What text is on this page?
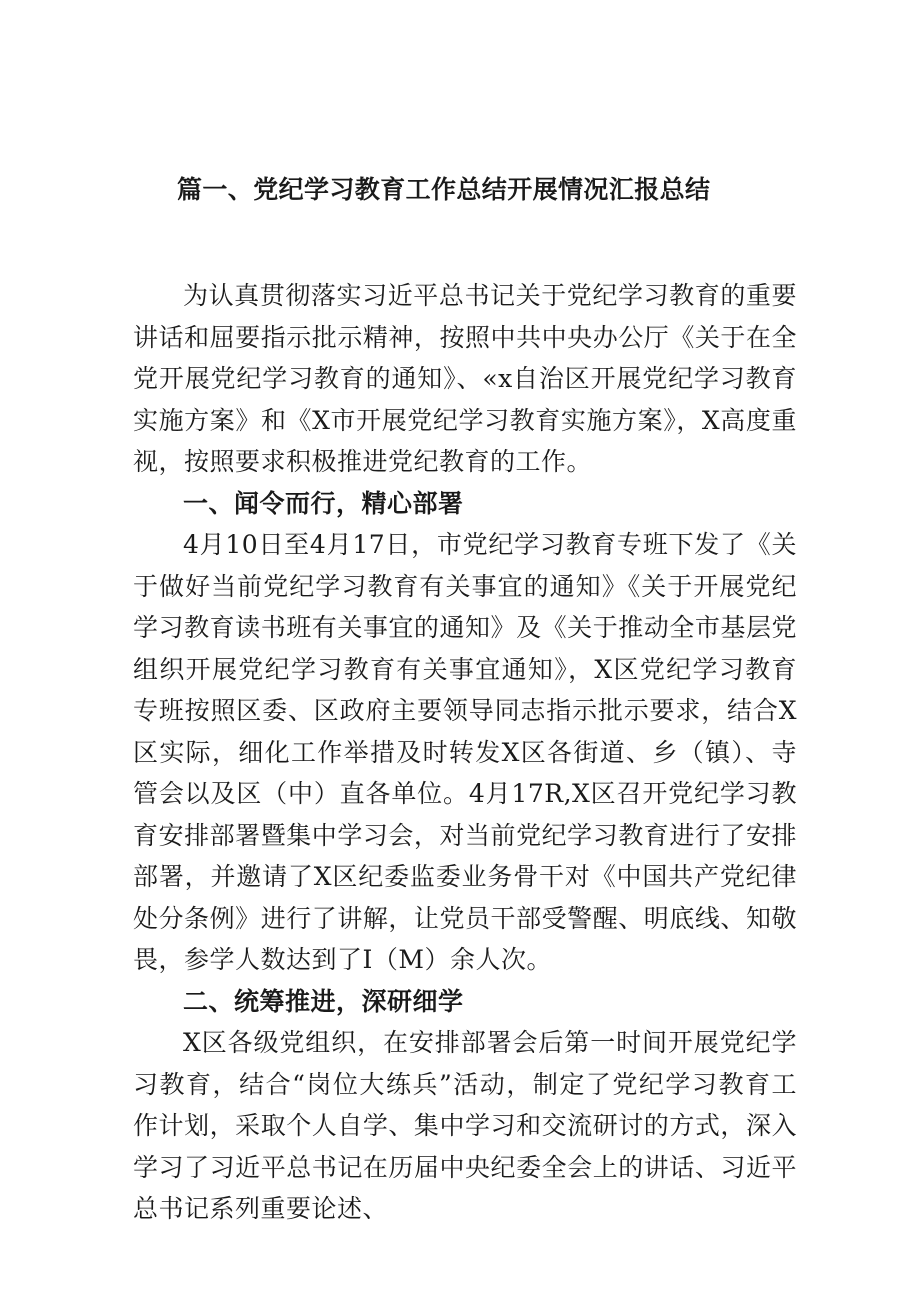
篇一、党纪学习教育工作总结开展情况汇报总结

为认真贯彻落实习近平总书记关于党纪学习教育的重要讲话和屈要指示批示精神，按照中共中央办公厅《关于在全党开展党纪学习教育的通知》、«x自治区开展党纪学习教育实施方案》和《X市开展党纪学习教育实施方案》，X高度重视，按照要求积极推进党纪教育的工作。

一、闻令而行，精心部署

4月10日至4月17日，市党纪学习教育专班下发了《关于做好当前党纪学习教育有关事宜的通知》《关于开展党纪学习教育读书班有关事宜的通知》及《关于推动全市基层党组织开展党纪学习教育有关事宜通知》，X区党纪学习教育专班按照区委、区政府主要领导同志指示批示要求，结合X区实际，细化工作举措及时转发X区各街道、乡（镇）、寺管会以及区（中）直各单位。4月17R,X区召开党纪学习教育安排部署暨集中学习会，对当前党纪学习教育进行了安排部署，并邀请了X区纪委监委业务骨干对《中国共产党纪律处分条例》进行了讲解，让党员干部受警醒、明底线、知敬畏，参学人数达到了I（M）余人次。

二、统筹推进，深研细学

X区各级党组织，在安排部署会后第一时间开展党纪学习教育，结合“岗位大练兵”活动，制定了党纪学习教育工作计划，采取个人自学、集中学习和交流研讨的方式，深入学习了习近平总书记在历届中央纪委全会上的讲话、习近平总书记系列重要论述、
